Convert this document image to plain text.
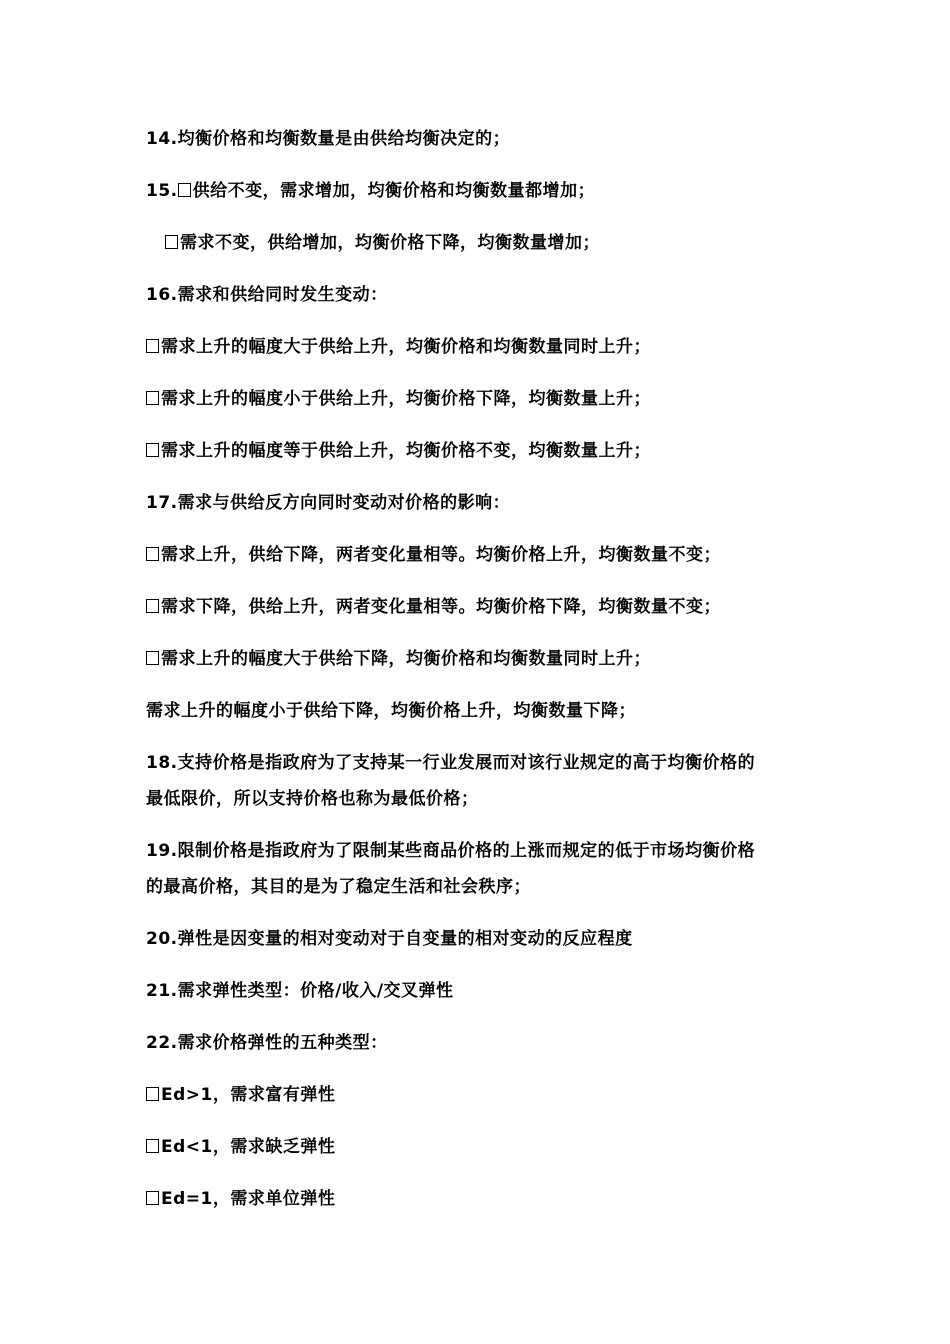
14.均衡价格和均衡数量是由供给均衡决定的；
15. 供给不变，需求增加，均衡价格和均衡数量都增加；
需求不变，供给增加，均衡价格下降，均衡数量增加；
16.需求和供给同时发生变动：
需求上升的幅度大于供给上升，均衡价格和均衡数量同时上升；
需求上升的幅度小于供给上升，均衡价格下降，均衡数量上升；
需求上升的幅度等于供给上升，均衡价格不变，均衡数量上升；
17.需求与供给反方向同时变动对价格的影响：
需求上升，供给下降，两者变化量相等。均衡价格上升，均衡数量不变；
需求下降，供给上升，两者变化量相等。均衡价格下降，均衡数量不变；
需求上升的幅度大于供给下降，均衡价格和均衡数量同时上升；
需求上升的幅度小于供给下降，均衡价格上升，均衡数量下降；
18.支持价格是指政府为了支持某一行业发展而对该行业规定的高于均衡价格的
最低限价，所以支持价格也称为最低价格；
19.限制价格是指政府为了限制某些商品价格的上涨而规定的低于市场均衡价格
的最高价格，其目的是为了稳定生活和社会秩序；
20.弹性是因变量的相对变动对于自变量的相对变动的反应程度
21.需求弹性类型：价格/收入/交叉弹性
22.需求价格弹性的五种类型：
Ed>1，需求富有弹性
Ed<1，需求缺乏弹性
Ed=1，需求单位弹性
